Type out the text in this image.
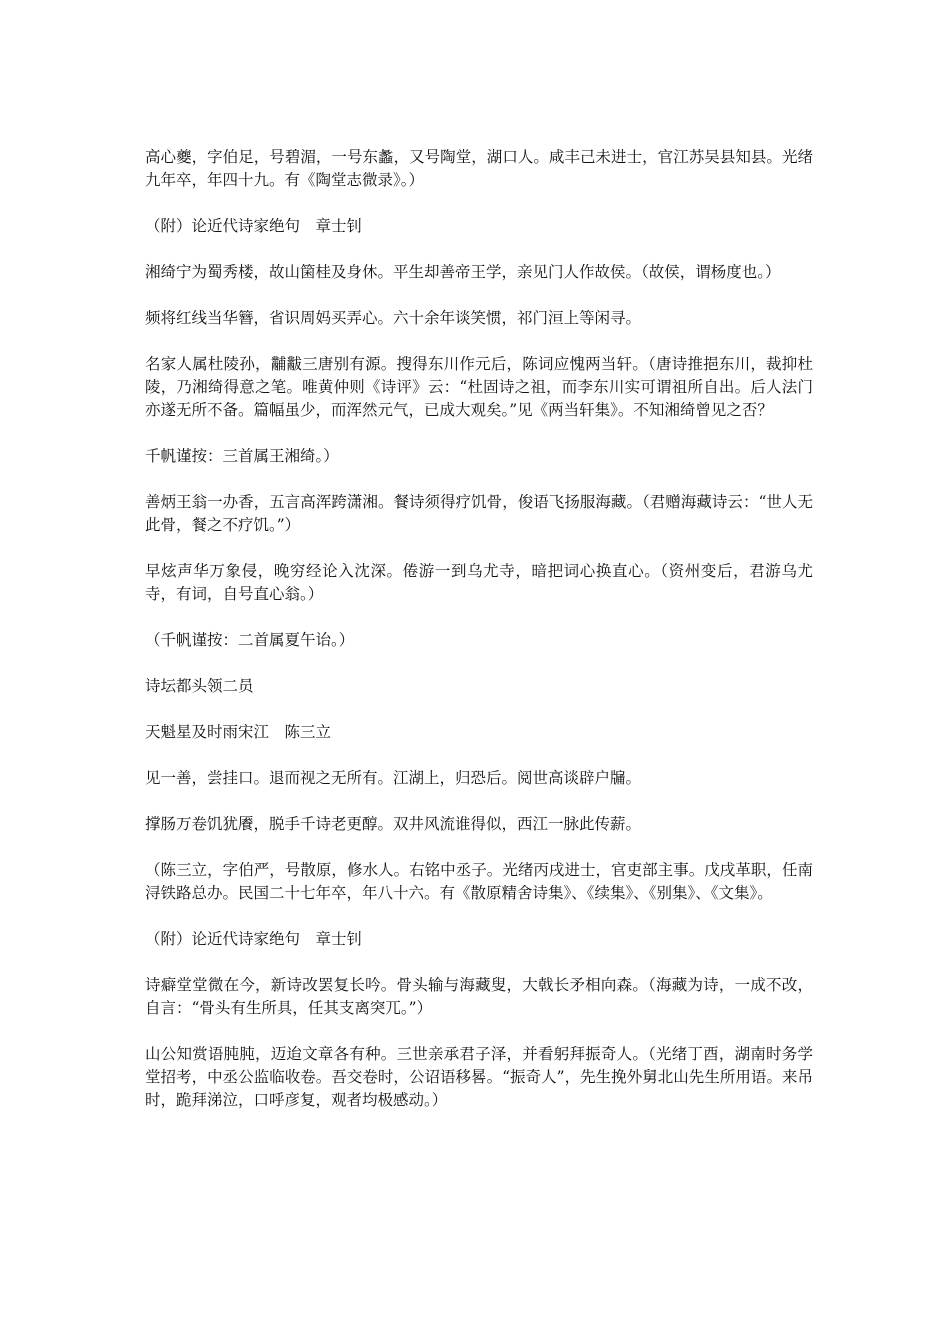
高心夔，字伯足，号碧湄，一号东蠡，又号陶堂，湖口人。咸丰己未进士，官江苏吴县知县。光绪九年卒，年四十九。有《陶堂志微录》。）

（附）论近代诗家绝句　章士钊

湘绮宁为蜀秀楼，故山箘桂及身休。平生却善帝王学，亲见门人作故侯。（故侯，谓杨度也。）

频将红线当华簪，省识周妈买弄心。六十余年谈笑惯，祁门洹上等闲寻。

名家人属杜陵孙，黼黻三唐别有源。搜得东川作元后，陈词应愧两当轩。（唐诗推挹东川，裁抑杜陵，乃湘绮得意之笔。唯黄仲则《诗评》云：“杜固诗之祖，而李东川实可谓祖所自出。后人法门亦遂无所不备。篇幅虽少，而浑然元气，已成大观矣。”见《两当轩集》。不知湘绮曾见之否？

千帆谨按：三首属王湘绮。）

善炳王翁一办香，五言高浑跨潇湘。餐诗须得疗饥骨，俊语飞扬服海藏。（君赠海藏诗云：“世人无此骨，餐之不疗饥。”）

早炫声华万象侵，晚穷经论入沈深。倦游一到乌尤寺，暗把词心换直心。（资州变后，君游乌尤寺，有词，自号直心翁。）

（千帆谨按：二首属夏午诒。）

诗坛都头领二员

天魁星及时雨宋江　陈三立

见一善，尝挂口。退而视之无所有。江湖上，归恐后。阅世高谈辟户牖。

撑肠万卷饥犹餍，脱手千诗老更醇。双井风流谁得似，西江一脉此传薪。

（陈三立，字伯严，号散原，修水人。右铭中丞子。光绪丙戌进士，官吏部主事。戊戌革职，任南浔铁路总办。民国二十七年卒，年八十六。有《散原精舍诗集》、《续集》、《别集》、《文集》。

（附）论近代诗家绝句　章士钊

诗癖堂堂微在今，新诗改罢复长吟。骨头输与海藏叟，大戟长矛相向森。（海藏为诗，一成不改，自言：“骨头有生所具，任其支离突兀。”）

山公知赏语肫肫，迈迨文章各有种。三世亲承君子泽，并看躬拜振奇人。（光绪丁酉，湖南时务学堂招考，中丞公监临收卷。吾交卷时，公诏语移晷。“振奇人”，先生挽外舅北山先生所用语。来吊时，跪拜涕泣，口呼彦复，观者均极感动。）
